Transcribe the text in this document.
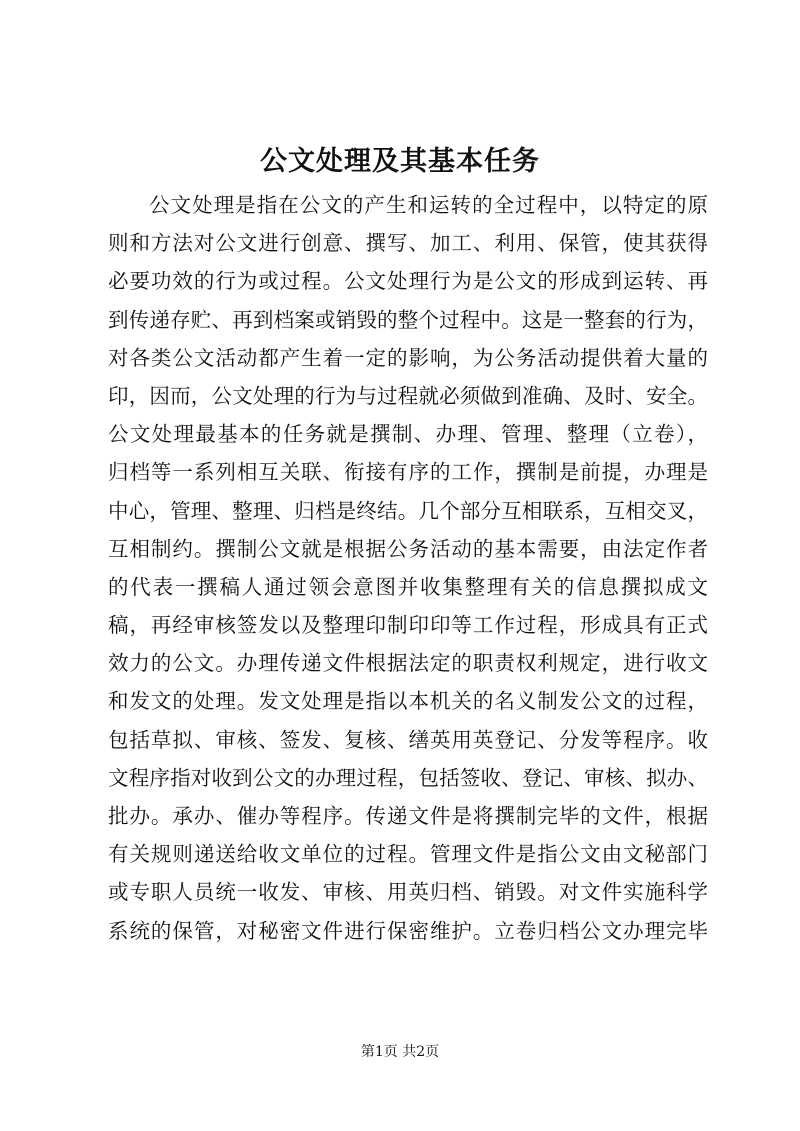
公文处理及其基本任务
公文处理是指在公文的产生和运转的全过程中，以特定的原
则和方法对公文进行创意、撰写、加工、利用、保管，使其获得
必要功效的行为或过程。公文处理行为是公文的形成到运转、再
到传递存贮、再到档案或销毁的整个过程中。这是一整套的行为，
对各类公文活动都产生着一定的影响，为公务活动提供着大量的
印，因而，公文处理的行为与过程就必须做到准确、及时、安全。
公文处理最基本的任务就是撰制、办理、管理、整理（立卷），
归档等一系列相互关联、衔接有序的工作，撰制是前提，办理是
中心，管理、整理、归档是终结。几个部分互相联系，互相交叉，
互相制约。撰制公文就是根据公务活动的基本需要，由法定作者
的代表一撰稿人通过领会意图并收集整理有关的信息撰拟成文
稿，再经审核签发以及整理印制印印等工作过程，形成具有正式
效力的公文。办理传递文件根据法定的职责权利规定，进行收文
和发文的处理。发文处理是指以本机关的名义制发公文的过程，
包括草拟、审核、签发、复核、缮英用英登记、分发等程序。收
文程序指对收到公文的办理过程，包括签收、登记、审核、拟办、
批办。承办、催办等程序。传递文件是将撰制完毕的文件，根据
有关规则递送给收文单位的过程。管理文件是指公文由文秘部门
或专职人员统一收发、审核、用英归档、销毁。对文件实施科学
系统的保管，对秘密文件进行保密维护。立卷归档公文办理完毕
第1页 共2页
